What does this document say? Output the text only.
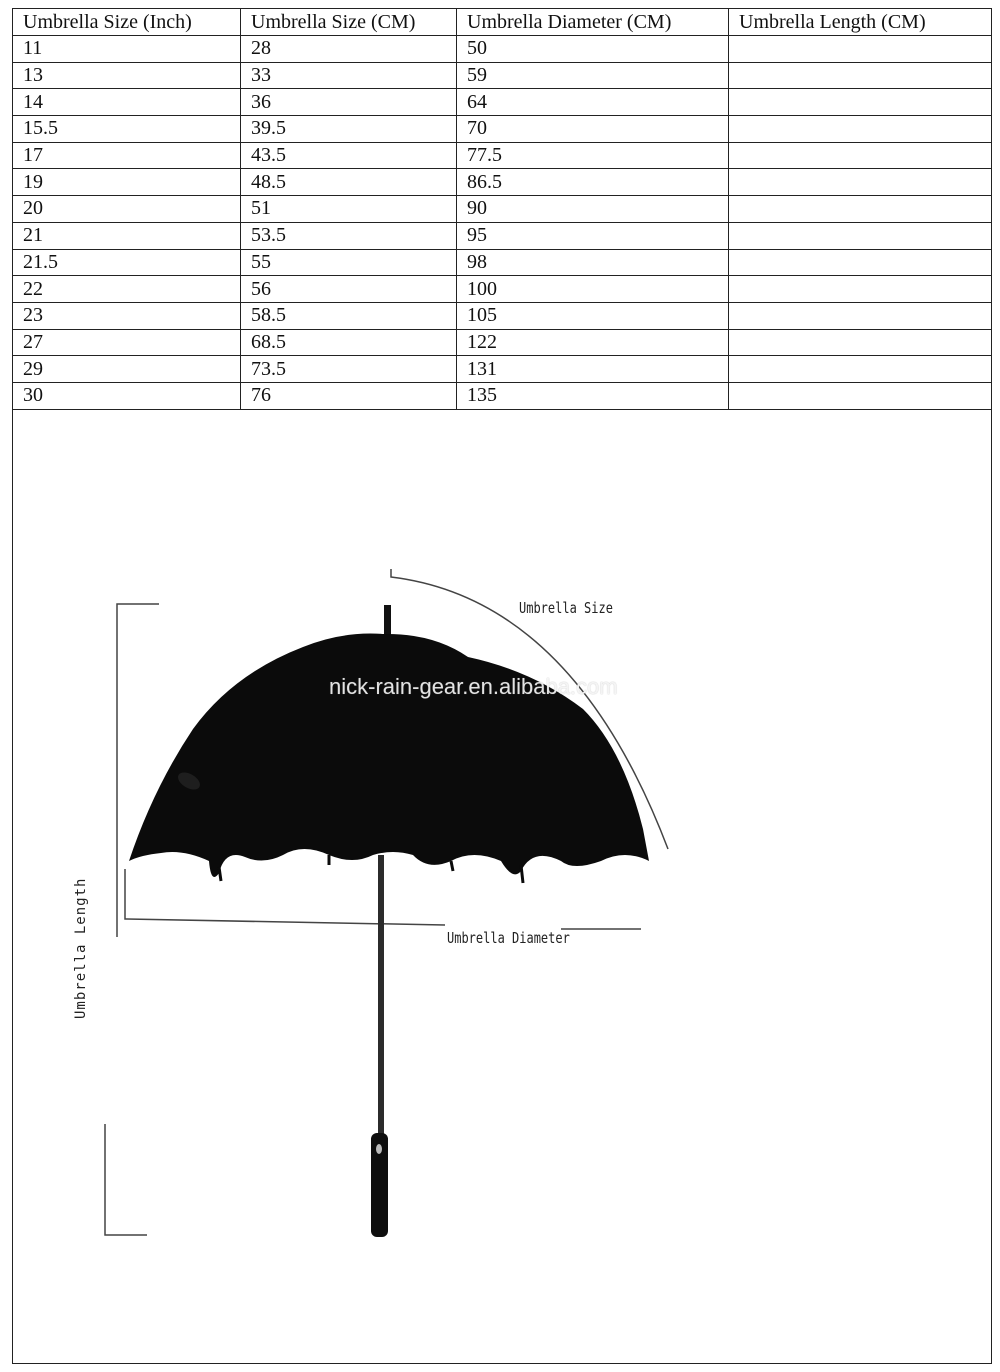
Umbrella Size (Inch)	Umbrella Size (CM)	Umbrella Diameter (CM)	Umbrella Length (CM)
11	28	50	
13	33	59	
14	36	64	
15.5	39.5	70	
17	43.5	77.5	
19	48.5	86.5	
20	51	90	
21	53.5	95	
21.5	55	98	
22	56	100	
23	58.5	105	
27	68.5	122	
29	73.5	131	
30	76	135	
Umbrella Size
Umbrella Diameter
Umbrella Length
nick-rain-gear.en.alibaba.com
